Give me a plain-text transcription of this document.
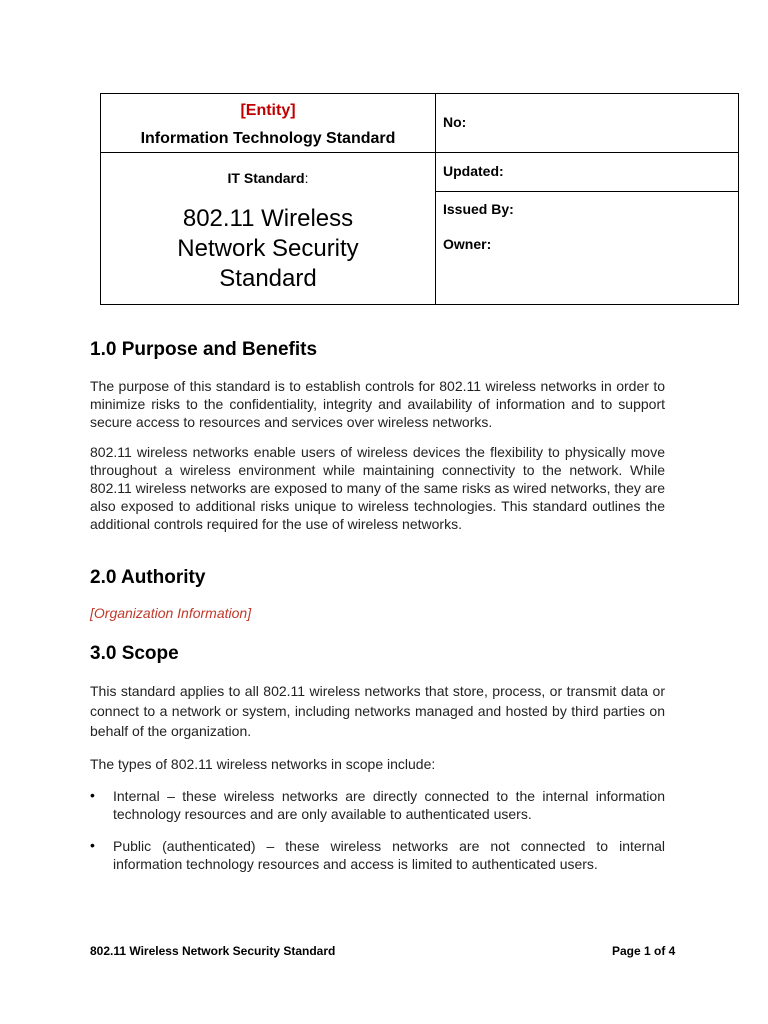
[Entity]
Information Technology Standard
IT Standard:
802.11 Wireless
Network Security
Standard
No:
Updated:
Issued By:
Owner:
1.0 Purpose and Benefits
The purpose of this standard is to establish controls for 802.11 wireless networks in order to minimize risks to the confidentiality, integrity and availability of information and to support secure access to resources and services over wireless networks.
802.11 wireless networks enable users of wireless devices the flexibility to physically move throughout a wireless environment while maintaining connectivity to the network. While 802.11 wireless networks are exposed to many of the same risks as wired networks, they are also exposed to additional risks unique to wireless technologies. This standard outlines the additional controls required for the use of wireless networks.
2.0 Authority
[Organization Information]
3.0 Scope
This standard applies to all 802.11 wireless networks that store, process, or transmit data or connect to a network or system, including networks managed and hosted by third parties on behalf of the organization.
The types of 802.11 wireless networks in scope include:
• Internal – these wireless networks are directly connected to the internal information technology resources and are only available to authenticated users.
• Public (authenticated) – these wireless networks are not connected to internal information technology resources and access is limited to authenticated users.
802.11 Wireless Network Security Standard	Page 1 of 4
